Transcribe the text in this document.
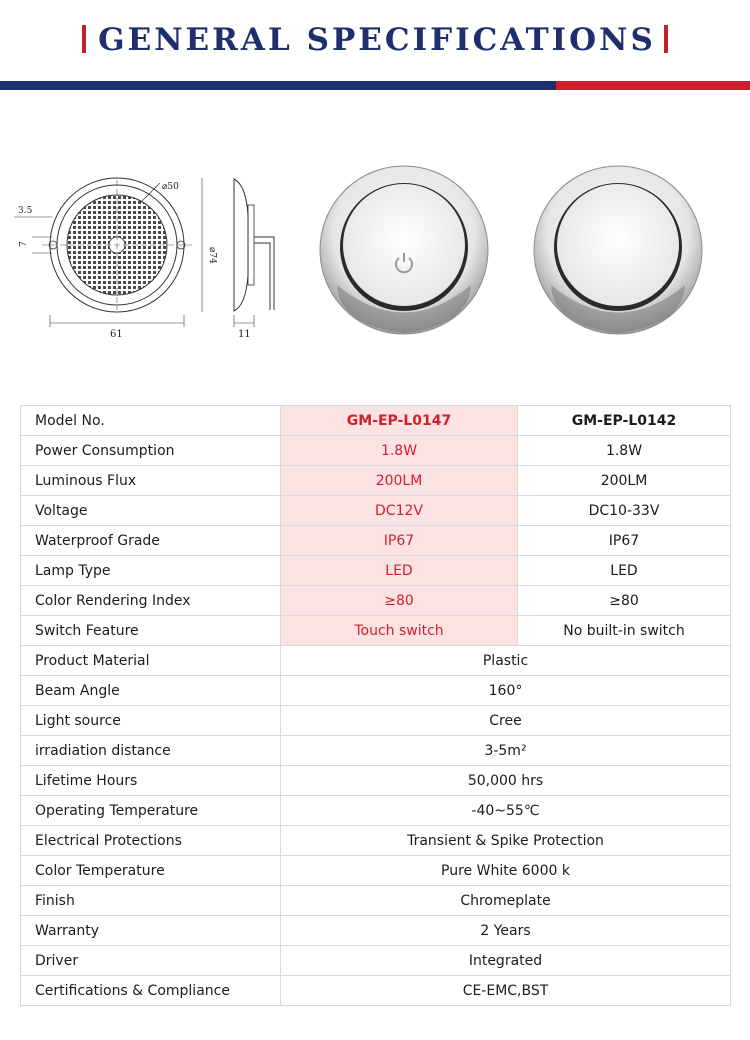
GENERAL SPECIFICATIONS
⌀50
61
⌀74
3.5
7
11
Model No.	GM-EP-L0147	GM-EP-L0142
Power Consumption	1.8W	1.8W
Luminous Flux	200LM	200LM
Voltage	DC12V	DC10-33V
Waterproof Grade	IP67	IP67
Lamp Type	LED	LED
Color Rendering Index	≥80	≥80
Switch Feature	Touch switch	No built-in switch
Product Material	Plastic	
Beam Angle	160°	
Light source	Cree	
irradiation distance	3-5m²	
Lifetime Hours	50,000 hrs	
Operating Temperature	-40~55℃	
Electrical Protections	Transient & Spike Protection	
Color Temperature	Pure White 6000 k	
Finish	Chromeplate	
Warranty	2 Years	
Driver	Integrated	
Certifications & Compliance	CE-EMC,BST	
